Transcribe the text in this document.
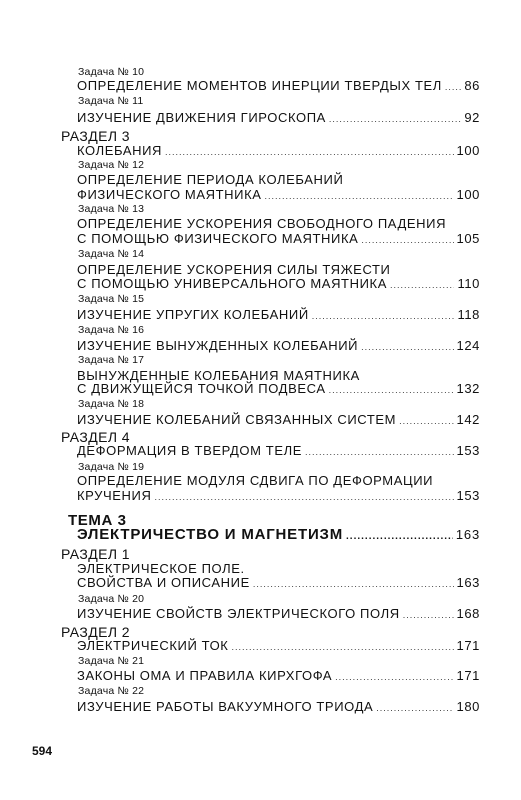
Задача № 10
ОПРЕДЕЛЕНИЕ МОМЕНТОВ ИНЕРЦИИ ТВЕРДЫХ ТЕЛ ..... 86
Задача № 11
ИЗУЧЕНИЕ ДВИЖЕНИЯ ГИРОСКОПА .....	92
РАЗДЕЛ 3
КОЛЕБАНИЯ .....	100
Задача № 12
ОПРЕДЕЛЕНИЕ ПЕРИОДА КОЛЕБАНИЙ
ФИЗИЧЕСКОГО МАЯТНИКА .....	100
Задача № 13
ОПРЕДЕЛЕНИЕ УСКОРЕНИЯ СВОБОДНОГО ПАДЕНИЯ
С ПОМОЩЬЮ ФИЗИЧЕСКОГО МАЯТНИКА .....	105
Задача № 14
ОПРЕДЕЛЕНИЕ УСКОРЕНИЯ СИЛЫ ТЯЖЕСТИ
С ПОМОЩЬЮ УНИВЕРСАЛЬНОГО МАЯТНИКА .....	110
Задача № 15
ИЗУЧЕНИЕ УПРУГИХ КОЛЕБАНИЙ .....	118
Задача № 16
ИЗУЧЕНИЕ ВЫНУЖДЕННЫХ КОЛЕБАНИЙ .....	124
Задача № 17
ВЫНУЖДЕННЫЕ КОЛЕБАНИЯ МАЯТНИКА
С ДВИЖУЩЕЙСЯ ТОЧКОЙ ПОДВЕСА .....	132
Задача № 18
ИЗУЧЕНИЕ КОЛЕБАНИЙ СВЯЗАННЫХ СИСТЕМ .....	142
РАЗДЕЛ 4
ДЕФОРМАЦИЯ В ТВЕРДОМ ТЕЛЕ .....	153
Задача № 19
ОПРЕДЕЛЕНИЕ МОДУЛЯ СДВИГА ПО ДЕФОРМАЦИИ
КРУЧЕНИЯ .....	153
ТЕМА 3
ЭЛЕКТРИЧЕСТВО И МАГНЕТИЗМ .....	163
РАЗДЕЛ 1
ЭЛЕКТРИЧЕСКОЕ ПОЛЕ.
СВОЙСТВА И ОПИСАНИЕ .....	163
Задача № 20
ИЗУЧЕНИЕ СВОЙСТВ ЭЛЕКТРИЧЕСКОГО ПОЛЯ .....	168
РАЗДЕЛ 2
ЭЛЕКТРИЧЕСКИЙ ТОК .....	171
Задача № 21
ЗАКОНЫ ОМА И ПРАВИЛА КИРХГОФА .....	171
Задача № 22
ИЗУЧЕНИЕ РАБОТЫ ВАКУУМНОГО ТРИОДА .....	180
594
